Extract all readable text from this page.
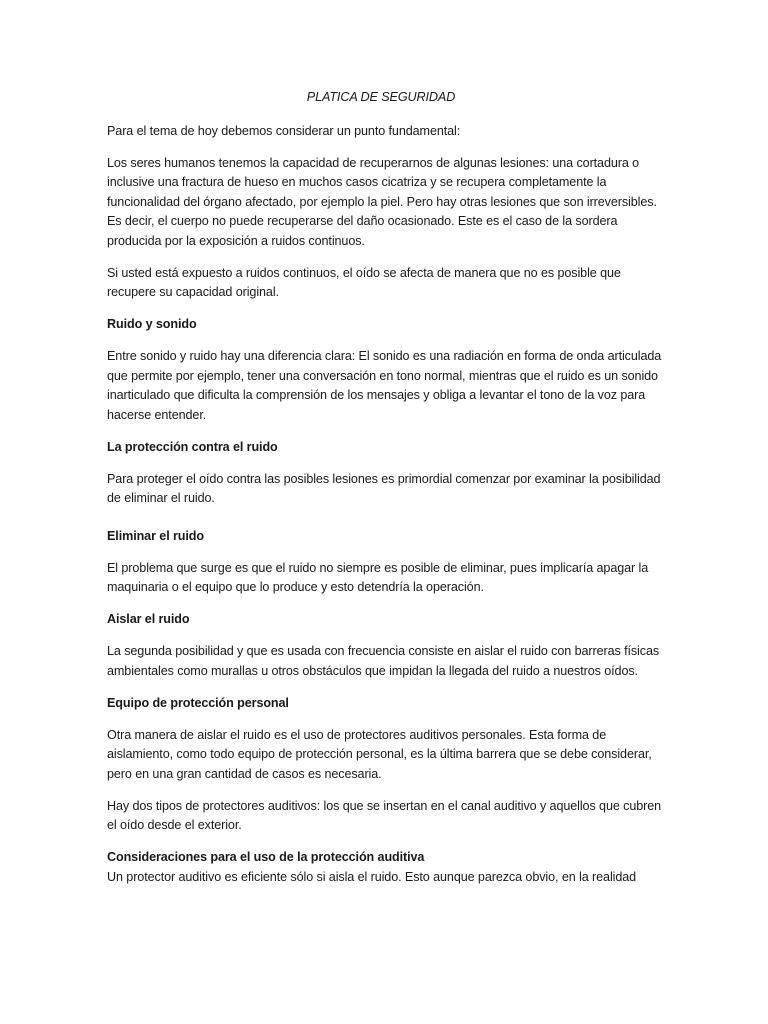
PLATICA DE SEGURIDAD

Para el tema de hoy debemos considerar un punto fundamental:

Los seres humanos tenemos la capacidad de recuperarnos de algunas lesiones: una cortadura o inclusive una fractura de hueso en muchos casos cicatriza y se recupera completamente la funcionalidad del órgano afectado, por ejemplo la piel. Pero hay otras lesiones que son irreversibles. Es decir, el cuerpo no puede recuperarse del daño ocasionado. Este es el caso de la sordera producida por la exposición a ruidos continuos.

Si usted está expuesto a ruidos continuos, el oído se afecta de manera que no es posible que recupere su capacidad original.

Ruido y sonido

Entre sonido y ruido hay una diferencia clara: El sonido es una radiación en forma de onda articulada que permite por ejemplo, tener una conversación en tono normal, mientras que el ruido es un sonido inarticulado que dificulta la comprensión de los mensajes y obliga a levantar el tono de la voz para hacerse entender.

La protección contra el ruido

Para proteger el oído contra las posibles lesiones es primordial comenzar por examinar la posibilidad de eliminar el ruido.

Eliminar el ruido

El problema que surge es que el ruido no siempre es posible de eliminar, pues implicaría apagar la maquinaria o el equipo que lo produce y esto detendría la operación.

Aislar el ruido

La segunda posibilidad y que es usada con frecuencia consiste en aislar el ruido con barreras físicas ambientales como murallas u otros obstáculos que impidan la llegada del ruido a nuestros oídos.

Equipo de protección personal

Otra manera de aislar el ruido es el uso de protectores auditivos personales. Esta forma de aislamiento, como todo equipo de protección personal, es la última barrera que se debe considerar, pero en una gran cantidad de casos es necesaria.

Hay dos tipos de protectores auditivos: los que se insertan en el canal auditivo y aquellos que cubren el oído desde el exterior.

Consideraciones para el uso de la protección auditiva

Un protector auditivo es eficiente sólo si aisla el ruido. Esto aunque parezca obvio, en la realidad
